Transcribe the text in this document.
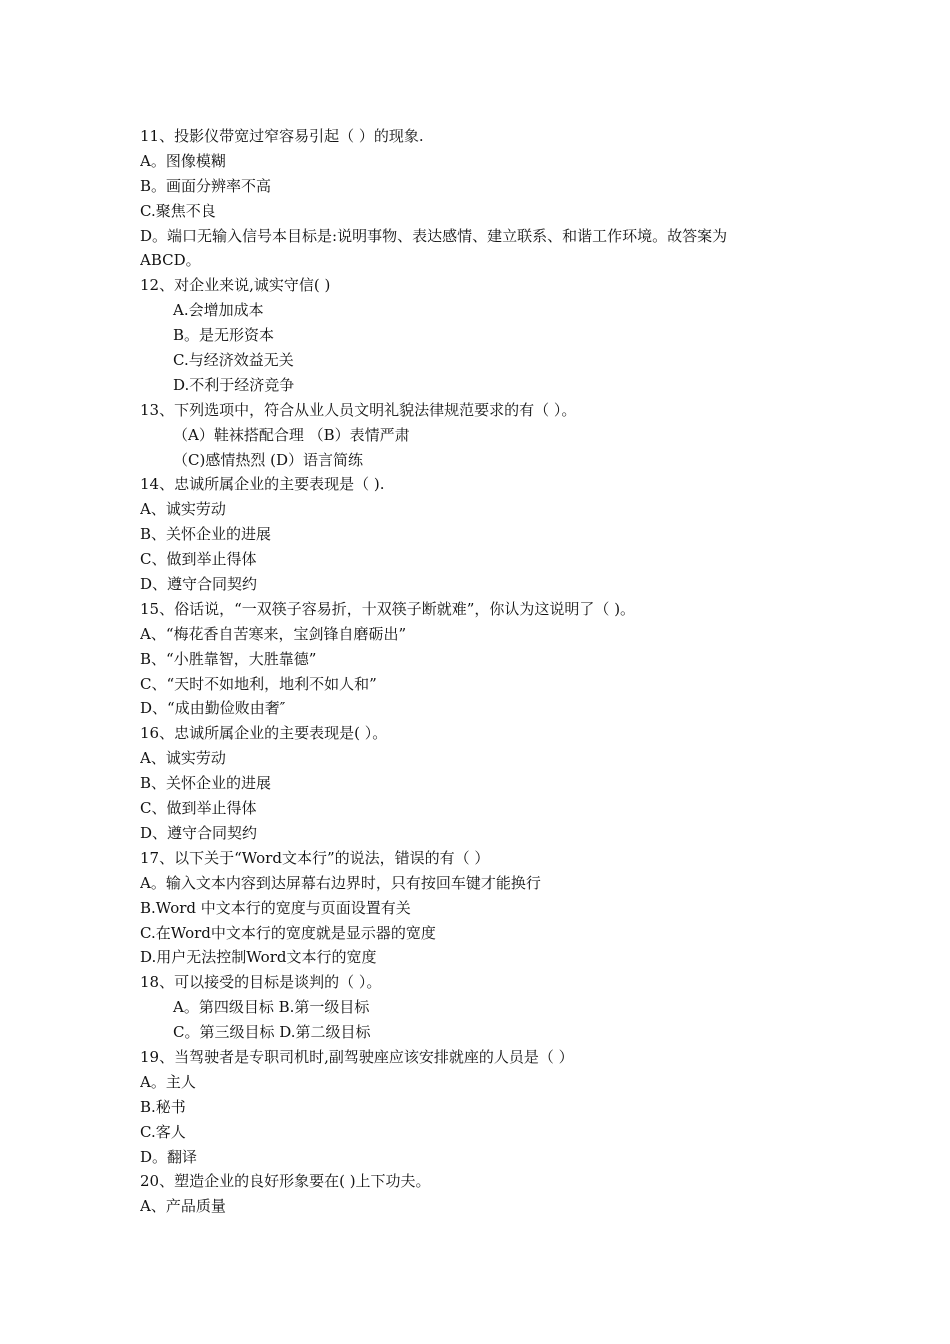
11、投影仪带宽过窄容易引起（ ）的现象.
A。图像模糊
B。画面分辨率不高
C.聚焦不良
D。端口无输入信号本目标是:说明事物、表达感情、建立联系、和谐工作环境。故答案为
ABCD。
12、对企业来说,诚实守信( )
A.会增加成本
B。是无形资本
C.与经济效益无关
D.不利于经济竞争
13、下列选项中，符合从业人员文明礼貌法律规范要求的有（ ）。
（A）鞋袜搭配合理 （B）表情严肃
（C)感情热烈 (D）语言简练
14、忠诚所属企业的主要表现是（ ).
A、诚实劳动
B、关怀企业的进展
C、做到举止得体
D、遵守合同契约
15、俗话说，“一双筷子容易折，十双筷子断就难”，你认为这说明了（ )。
A、“梅花香自苦寒来，宝剑锋自磨砺出”
B、“小胜靠智，大胜靠德”
C、“天时不如地利，地利不如人和”
D、“成由勤俭败由奢″
16、忠诚所属企业的主要表现是( ）。
A、诚实劳动
B、关怀企业的进展
C、做到举止得体
D、遵守合同契约
17、以下关于“Word文本行”的说法，错误的有（ ）
A。输入文本内容到达屏幕右边界时，只有按回车键才能换行
B.Word 中文本行的宽度与页面设置有关
C.在Word中文本行的宽度就是显示器的宽度
D.用户无法控制Word文本行的宽度
18、可以接受的目标是谈判的（ ）。
A。第四级目标 B.第一级目标
C。第三级目标 D.第二级目标
19、当驾驶者是专职司机时,副驾驶座应该安排就座的人员是（ ）
A。主人
B.秘书
C.客人
D。翻译
20、塑造企业的良好形象要在( )上下功夫。
A、产品质量
